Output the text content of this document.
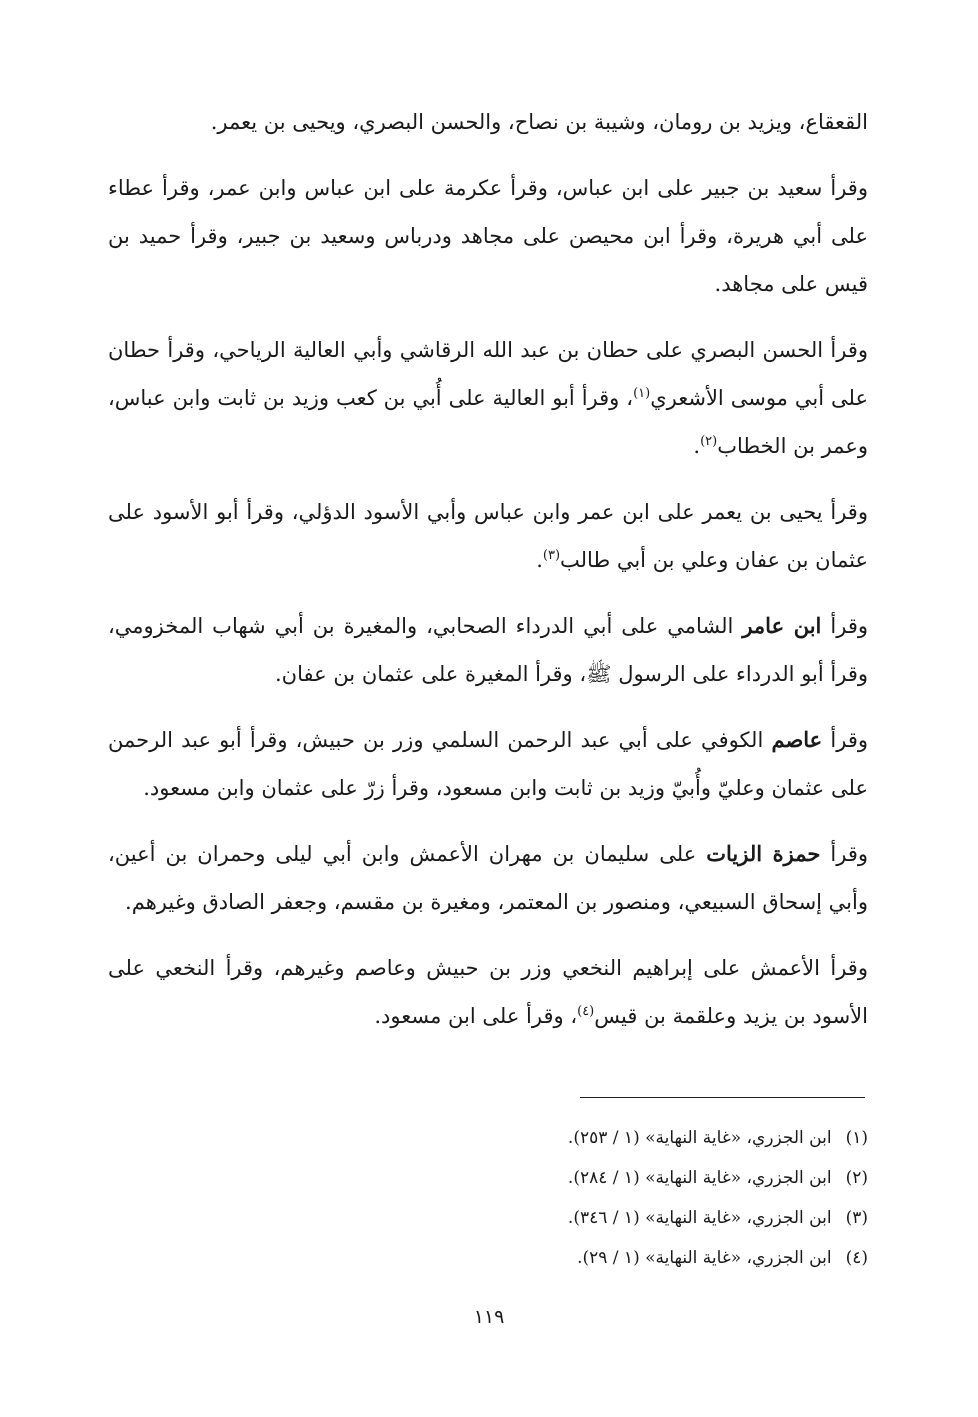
القعقاع، ويزيد بن رومان، وشيبة بن نصاح، والحسن البصري، ويحيى بن يعمر.

وقرأ سعيد بن جبير على ابن عباس، وقرأ عكرمة على ابن عباس وابن عمر، وقرأ عطاء على أبي هريرة، وقرأ ابن محيصن على مجاهد ودرباس وسعيد بن جبير، وقرأ حميد بن قيس على مجاهد.

وقرأ الحسن البصري على حطان بن عبد الله الرقاشي وأبي العالية الرياحي، وقرأ حطان على أبي موسى الأشعري$^{(١)}$، وقرأ أبو العالية على أُبي بن كعب وزيد بن ثابت وابن عباس، وعمر بن الخطاب$^{(٢)}$.

وقرأ يحيى بن يعمر على ابن عمر وابن عباس وأبي الأسود الدؤلي، وقرأ أبو الأسود على عثمان بن عفان وعلي بن أبي طالب$^{(٣)}$.

وقرأ ابن عامر الشامي على أبي الدرداء الصحابي، والمغيرة بن أبي شهاب المخزومي، وقرأ أبو الدرداء على الرسول ﷺ، وقرأ المغيرة على عثمان بن عفان.

وقرأ عاصم الكوفي على أبي عبد الرحمن السلمي وزر بن حبيش، وقرأ أبو عبد الرحمن على عثمان وعليّ وأُبيّ وزيد بن ثابت وابن مسعود، وقرأ زرّ على عثمان وابن مسعود.

وقرأ حمزة الزيات على سليمان بن مهران الأعمش وابن أبي ليلى وحمران بن أعين، وأبي إسحاق السبيعي، ومنصور بن المعتمر، ومغيرة بن مقسم، وجعفر الصادق وغيرهم.

وقرأ الأعمش على إبراهيم النخعي وزر بن حبيش وعاصم وغيرهم، وقرأ النخعي على الأسود بن يزيد وعلقمة بن قيس$^{(٤)}$، وقرأ على ابن مسعود.

(١)ابن الجزري، «غاية النهاية» (١ / ٢٥٣).
(٢)ابن الجزري، «غاية النهاية» (١ / ٢٨٤).
(٣)ابن الجزري، «غاية النهاية» (١ / ٣٤٦).
(٤)ابن الجزري، «غاية النهاية» (١ / ٢٩).
١١٩
